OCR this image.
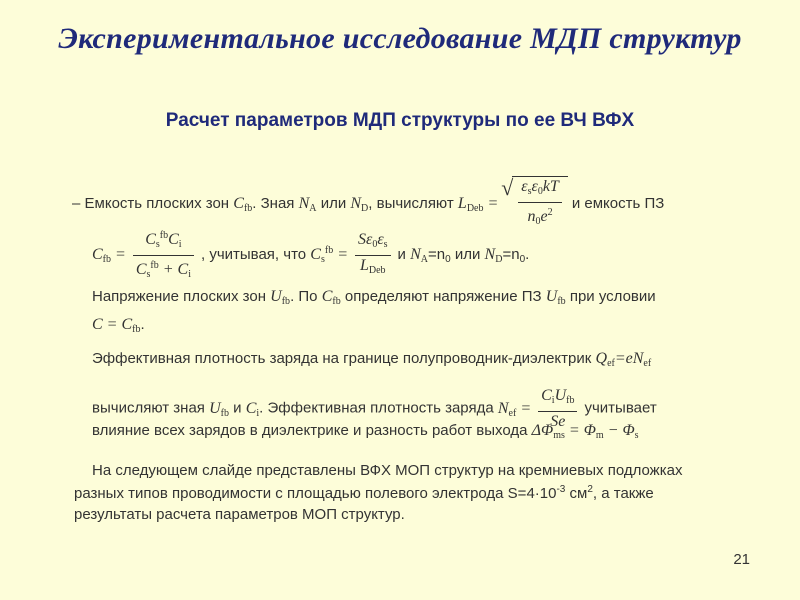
Экспериментальное исследование МДП структур
Расчет параметров МДП структуры по ее ВЧ ВФХ
– Емкость плоских зон $C_{fb}$. Зная $N_A$ или $N_D$, вычисляют $L_{Deb}$ =
√ $\frac{\varepsilon_s\varepsilon_0kT}{n_0e^2}$ и емкость ПЗ
$C_{fb} = \frac{C_s^{fb}C_i}{C_s^{fb} + C_i}$ , учитывая, что $C_s^{fb} = \frac{S\varepsilon_0\varepsilon_s}{L_{Deb}}$ и $N_A=n_0$ или $N_D=n_0$.
Напряжение плоских зон $U_{fb}$. По $C_{fb}$ определяют напряжение ПЗ $U_{fb}$ при условии
$C = C_{fb}$.
Эффективная плотность заряда на границе полупроводник-диэлектрик $Q_{ef}=eN_{ef}$
вычисляют зная $U_{fb}$ и $C_i$. Эффективная плотность заряда $N_{ef} = \frac{C_iU_{fb}}{Se}$ учитывает
влияние всех зарядов в диэлектрике и разность работ выхода $\Delta\Phi_{ms} = \Phi_m - \Phi_s$
На следующем слайде представлены ВФХ МОП структур на кремниевых подложках
разных типов проводимости с площадью полевого электрода $S=4\cdot 10^{-3}$ $см^2$, а также
результаты расчета параметров МОП структур.
21
